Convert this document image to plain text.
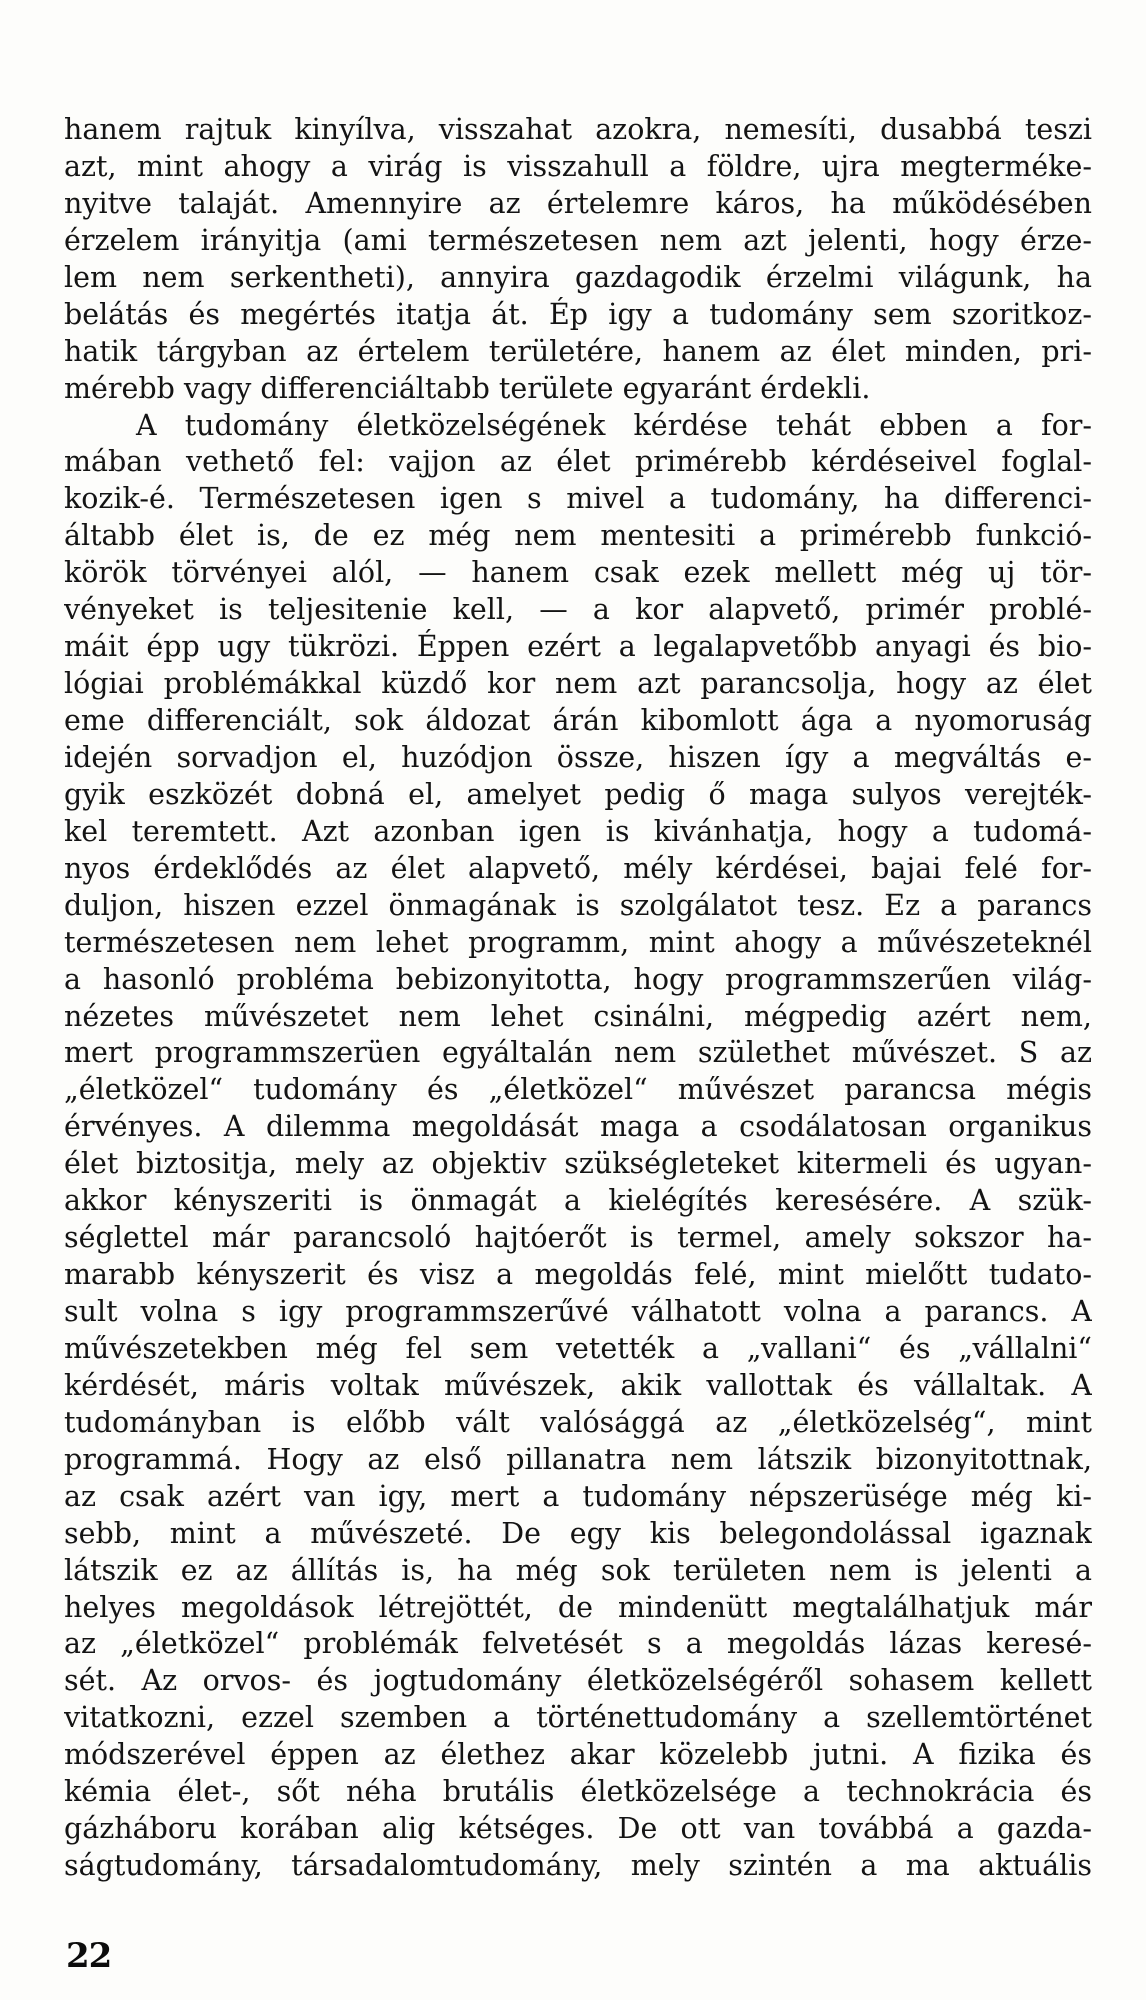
hanem rajtuk kinyílva, visszahat azokra, nemesíti, dusabbá teszi
azt, mint ahogy a virág is visszahull a földre, ujra megterméke-
nyitve talaját. Amennyire az értelemre káros, ha működésében
érzelem irányitja (ami természetesen nem azt jelenti, hogy érze-
lem nem serkentheti), annyira gazdagodik érzelmi világunk, ha
belátás és megértés itatja át. Ép igy a tudomány sem szoritkoz-
hatik tárgyban az értelem területére, hanem az élet minden, pri-
mérebb vagy differenciáltabb területe egyaránt érdekli.
A tudomány életközelségének kérdése tehát ebben a for-
mában vethető fel: vajjon az élet primérebb kérdéseivel foglal-
kozik-é. Természetesen igen s mivel a tudomány, ha differenci-
áltabb élet is, de ez még nem mentesiti a primérebb funkció-
körök törvényei alól, — hanem csak ezek mellett még uj tör-
vényeket is teljesitenie kell, — a kor alapvető, primér problé-
máit épp ugy tükrözi. Éppen ezért a legalapvetőbb anyagi és bio-
lógiai problémákkal küzdő kor nem azt parancsolja, hogy az élet
eme differenciált, sok áldozat árán kibomlott ága a nyomoruság
idején sorvadjon el, huzódjon össze, hiszen így a megváltás e-
gyik eszközét dobná el, amelyet pedig ő maga sulyos verejték-
kel teremtett. Azt azonban igen is kivánhatja, hogy a tudomá-
nyos érdeklődés az élet alapvető, mély kérdései, bajai felé for-
duljon, hiszen ezzel önmagának is szolgálatot tesz. Ez a parancs
természetesen nem lehet programm, mint ahogy a művészeteknél
a hasonló probléma bebizonyitotta, hogy programmszerűen világ-
nézetes művészetet nem lehet csinálni, mégpedig azért nem,
mert programmszerüen egyáltalán nem születhet művészet. S az
„életközel“ tudomány és „életközel“ művészet parancsa mégis
érvényes. A dilemma megoldását maga a csodálatosan organikus
élet biztositja, mely az objektiv szükségleteket kitermeli és ugyan-
akkor kényszeriti is önmagát a kielégítés keresésére. A szük-
séglettel már parancsoló hajtóerőt is termel, amely sokszor ha-
marabb kényszerit és visz a megoldás felé, mint mielőtt tudato-
sult volna s igy programmszerűvé válhatott volna a parancs. A
művészetekben még fel sem vetették a „vallani“ és „vállalni“
kérdését, máris voltak művészek, akik vallottak és vállaltak. A
tudományban is előbb vált valósággá az „életközelség“, mint
programmá. Hogy az első pillanatra nem látszik bizonyitottnak,
az csak azért van igy, mert a tudomány népszerüsége még ki-
sebb, mint a művészeté. De egy kis belegondolással igaznak
látszik ez az állítás is, ha még sok területen nem is jelenti a
helyes megoldások létrejöttét, de mindenütt megtalálhatjuk már
az „életközel“ problémák felvetését s a megoldás lázas keresé-
sét. Az orvos- és jogtudomány életközelségéről sohasem kellett
vitatkozni, ezzel szemben a történettudomány a szellemtörténet
módszerével éppen az élethez akar közelebb jutni. A fizika és
kémia élet-, sőt néha brutális életközelsége a technokrácia és
gázháboru korában alig kétséges. De ott van továbbá a gazda-
ságtudomány, társadalomtudomány, mely szintén a ma aktuális
22
